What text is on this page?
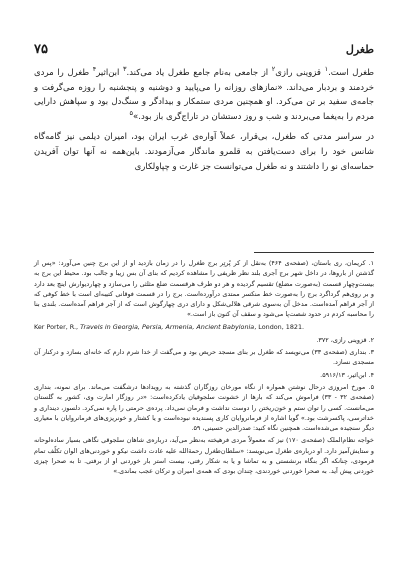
طغرل
۷۵

طغرل است.$^۱$ قزوینی رازی$^۲$ از جامعی به‌نام جامع طغرل یاد می‌کند.$^۳$ ابن‌اثیر$^۴$ طغرل را مردی خردمند و بردبار می‌داند. «نمازهای روزانه را می‌پایید و دوشنبه و پنجشنبه را روزه می‌گرفت و جامه‌ی سفید بر تن می‌کرد. او همچنین مردی ستمکار و بیدادگر و سنگ‌دل بود و سپاهش دارایی مردم را به‌یغما می‌بردند و شب و روز دستشان در تاراج‌گری باز بود.»$^۵$

در سراسر مدتی که طغرل، بی‌قرار، عملاً آواره‌ی غرب ایران بود، امیران دیلمی نیز گامه‌گاه شانس خود را برای دست‌یافتن به قلمرو ماندگار می‌آزمودند. باین‌همه نه آنها توان آفریدن حماسه‌ای نو را داشتند و نه طغرل می‌توانست جز غارت و چپاولکاری

۱. کریمان، ری باستان، (صفحه‌ی ۴۶۴) به‌نقل از کر پُرتِر برج طغرل را در زمان بازدید او از این برج چنین می‌آورد: «پس از گذشتن از باروها، در داخل شهر برج آجری بلند نظر ظریفی را مشاهده کردیم که بنای آن بس زیبا و جالب بود. محیط این برج به بیست‌وچهار قسمت (به‌صورت مضلع) تقسیم گردیده و هر دو طرف هرقسمت ضلع مثلثی را می‌سازد و چهاردیوارش اینچ بعد دارد و بر روی‌هم گرداگرد برج را به‌صورت خط منکسر ممتدی درآورده‌است. برج را در قسمت فوقانی کتیبه‌ای است با خط کوفی که از آجر فراهم آمده‌است. مدخل آن به‌سوی شرقی هلالی‌شکل و دارای دری چهارگوش است که از آجر فراهم آمده‌است. بلندی بنا را محاسبه کردم در حدود شصت‌پا می‌شود و سقف آن کنون باز است.»

Ker Porter, R., Travels in Georgia, Persia, Armenia, Ancient Babylonia, London, 1821.

۲. قزوینی رازی، ۳۷۲.

۳. بنداری (صفحه‌ی ۳۳) می‌نویسد که طغرل بر بنای مسجد حریص بود و می‌گفت از خدا شرم دارم که خانه‌ای بسازد و درکنار آن مسجدی نسازد.

۴. ابن‌اثیر، ۵۹۱۶/۱۳.

۵. مورخ امروزی درحال نوشتن همواره از نگاه مورخان روزگاران گذشته به رویدادها درشگفت می‌ماند. برای نمونه، بنداری (صفحه‌ی ۳۲ - ۳۳) فراموش می‌کند که بارها از خشونت سلجوقیان یادکرده‌است: «در روزگار امارت وی، کشور به گلستان می‌مانست. کسی را توان ستم و خون‌ریختن را دوست نداشت و فرمان نمی‌داد. پرده‌ی حرمتی را پاره نمی‌کرد. دلسوز، دینداری و خداترسی، پاکسرشت بود.» گویا اشاره از فرمانروایان کاری پسندیده نبوده‌است و یا کشتار و خونریزی‌های فرمانروایان با معیاری دیگر سنجیده می‌شده‌است. همچنین نگاه کنید: صدرالدین حسینی، ۵۹.

خواجه نظام‌الملک (صفحه‌ی ۱۷۰) نیز که معمولاً مردی فرهیخته به‌نظر می‌آید، درباره‌ی شاهان سلجوقی نگاهی بسیار ساده‌لوحانه و ستایش‌آمیز دارد. او درباره‌ی طغرل می‌نویسد: «سلطان‌طغرل رحمة‌الله علیه عادت داشت نیکو و خوردنی‌های الوان تکلّف تمام فرمودی، چنانکه اگر بنگاه برنشستی و به تماشا و یا به شکار رفتی، بیست استر بار خوردنی او از برفتی. تا به صحرا چیزی خوردنی پیش آید. به صحرا خوردنی خوردندی، چندان بودی که همه‌ی امیران و ترکان عجب بماندی.»
